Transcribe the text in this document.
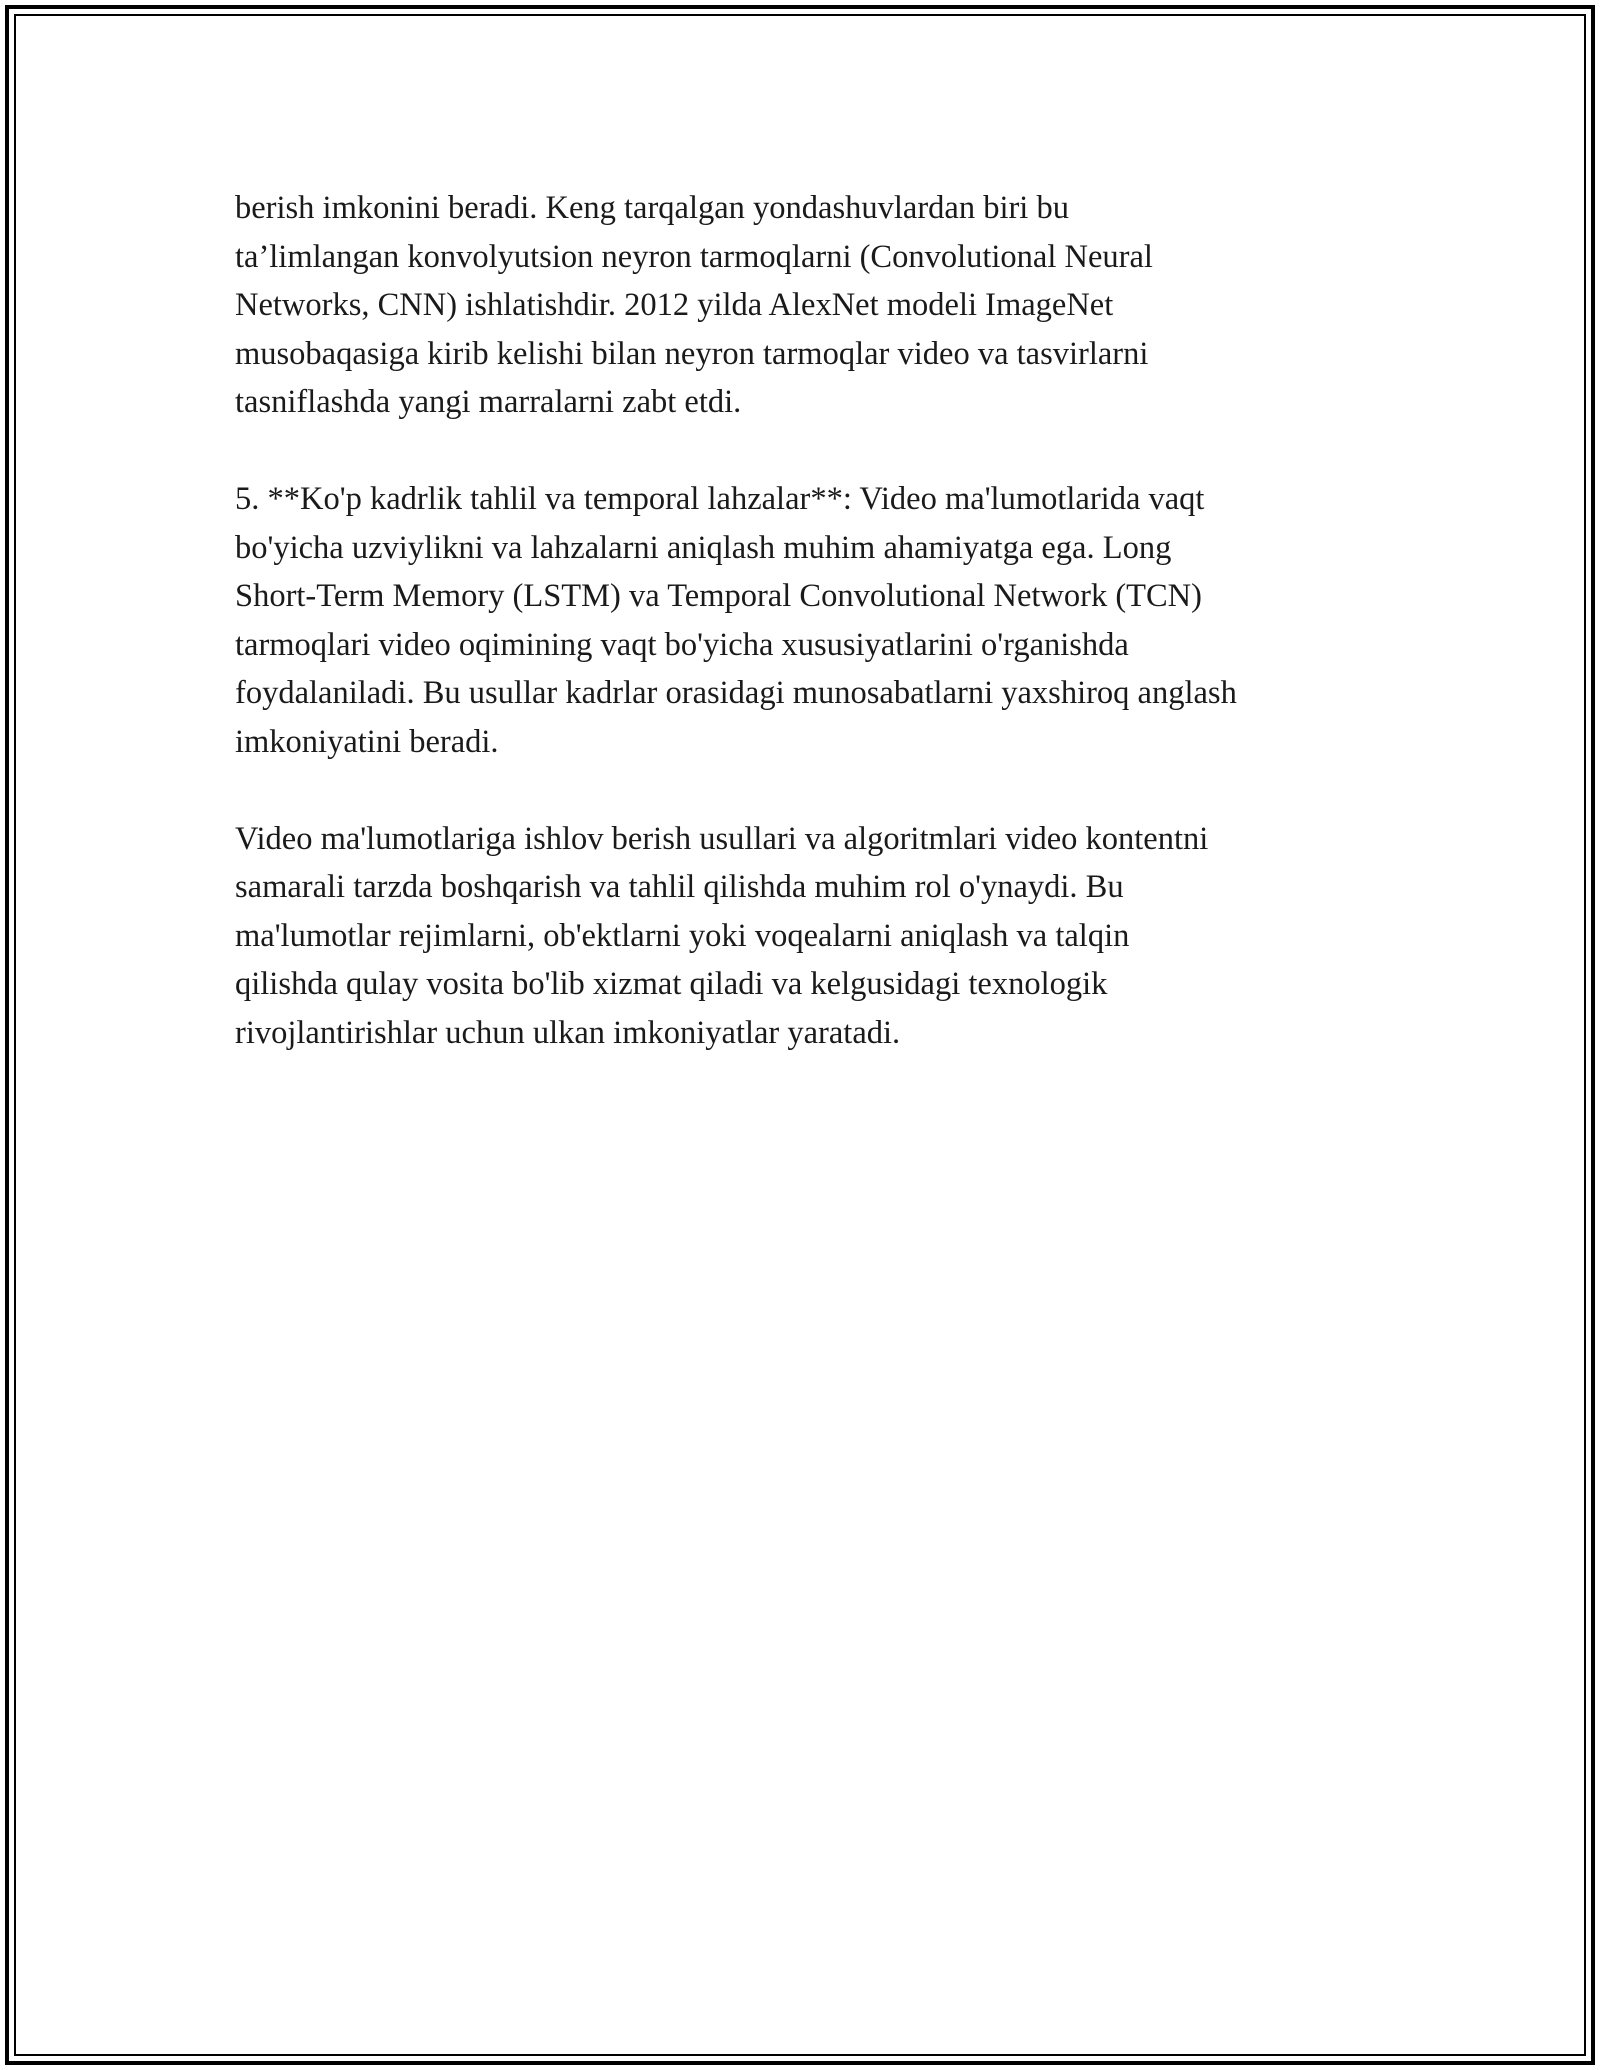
berish imkonini beradi. Keng tarqalgan yondashuvlardan biri bu
ta’limlangan konvolyutsion neyron tarmoqlarni (Convolutional Neural
Networks, CNN) ishlatishdir. 2012 yilda AlexNet modeli ImageNet
musobaqasiga kirib kelishi bilan neyron tarmoqlar video va tasvirlarni
tasniflashda yangi marralarni zabt etdi.
5. **Ko'p kadrlik tahlil va temporal lahzalar**: Video ma'lumotlarida vaqt
bo'yicha uzviylikni va lahzalarni aniqlash muhim ahamiyatga ega. Long
Short-Term Memory (LSTM) va Temporal Convolutional Network (TCN)
tarmoqlari video oqimining vaqt bo'yicha xususiyatlarini o'rganishda
foydalaniladi. Bu usullar kadrlar orasidagi munosabatlarni yaxshiroq anglash
imkoniyatini beradi.
Video ma'lumotlariga ishlov berish usullari va algoritmlari video kontentni
samarali tarzda boshqarish va tahlil qilishda muhim rol o'ynaydi. Bu
ma'lumotlar rejimlarni, ob'ektlarni yoki voqealarni aniqlash va talqin
qilishda qulay vosita bo'lib xizmat qiladi va kelgusidagi texnologik
rivojlantirishlar uchun ulkan imkoniyatlar yaratadi.
